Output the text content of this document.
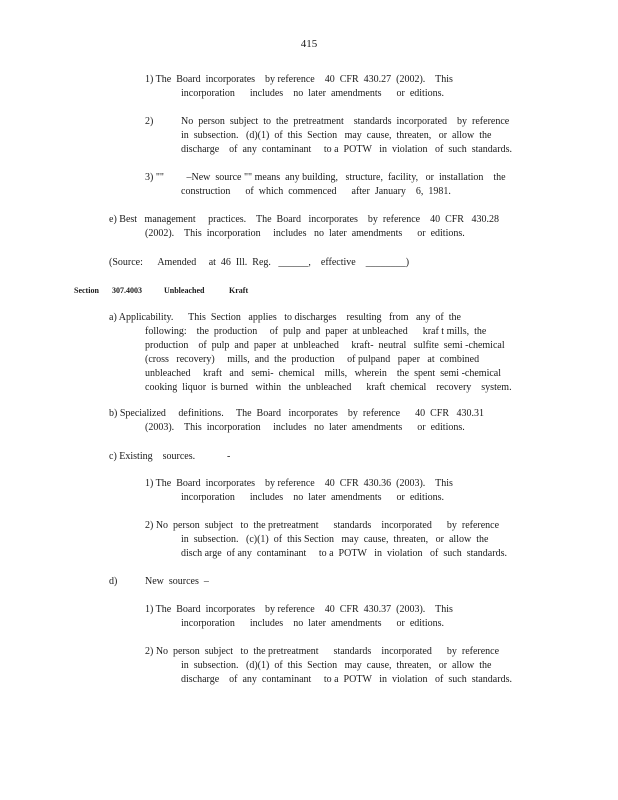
415
1) The  Board  incorporates    by reference    40  CFR  430.27  (2002).    This
incorporation      includes    no  later  amendments      or  editions.
2)	No  person  subject  to  the  pretreatment    standards  incorporated    by  reference
in  subsection.   (d)(1)  of  this  Section   may  cause,  threaten,   or  allow  the
discharge    of  any  contaminant     to a  POTW   in  violation   of  such  standards.
3) ""         –New  source "" means  any building,   structure,  facility,   or  installation    the
construction      of  which  commenced      after  January    6,  1981.
e) Best   management     practices.    The  Board   incorporates    by  reference    40  CFR   430.28
(2002).    This  incorporation     includes   no  later  amendments      or  editions.
(Source:      Amended     at  46  Ill.  Reg.   ______,    effective    ________)
Section 307.4003	Unbleached	Kraft
a) Applicability.      This  Section   applies   to discharges    resulting   from   any  of  the
following:    the  production     of  pulp  and  paper  at unbleached      kraf t mills,  the
production    of  pulp  and  paper  at  unbleached     kraft-  neutral   sulfite  semi -chemical
(cross   recovery)     mills,  and  the  production     of pulpand   paper   at  combined
unbleached     kraft   and   semi-  chemical    mills,   wherein    the  spent  semi -chemical
cooking  liquor  is burned   within   the  unbleached      kraft  chemical    recovery    system.
b) Specialized     definitions.     The  Board   incorporates    by  reference      40  CFR   430.31
(2003).    This  incorporation     includes   no  later  amendments      or  editions.
c) Existing    sources.	-
1) The  Board  incorporates    by reference    40  CFR  430.36  (2003).    This
incorporation      includes    no  later  amendments      or  editions.
2) No  person  subject   to  the pretreatment      standards    incorporated      by  reference
in  subsection.   (c)(1)  of  this Section   may  cause,  threaten,   or  allow  the
disch arge  of any  contaminant     to a  POTW   in  violation   of  such  standards.
d)	New  sources  –
1) The  Board  incorporates    by reference    40  CFR  430.37  (2003).    This
incorporation      includes    no  later  amendments      or  editions.
2) No  person  subject   to  the pretreatment      standards    incorporated      by  reference
in  subsection.   (d)(1)  of  this  Section   may  cause,  threaten,   or  allow  the
discharge    of  any  contaminant     to a  POTW   in  violation   of  such  standards.
